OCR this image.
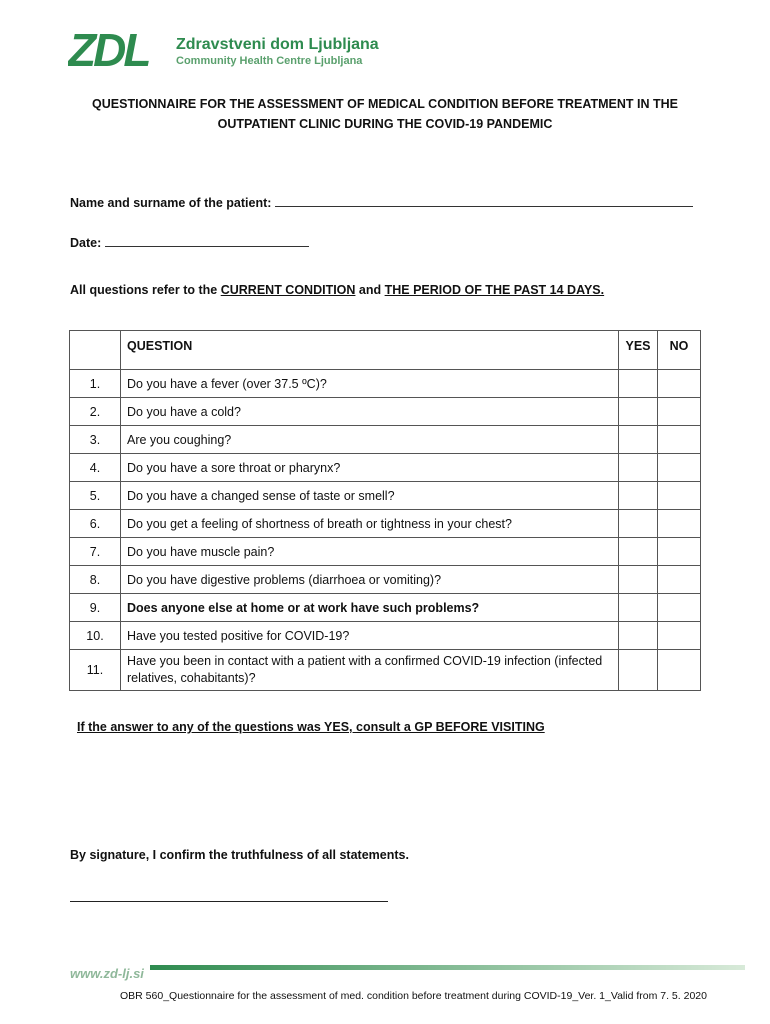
ZDL Zdravstveni dom Ljubljana
Community Health Centre Ljubljana
QUESTIONNAIRE FOR THE ASSESSMENT OF MEDICAL CONDITION BEFORE TREATMENT IN THE
OUTPATIENT CLINIC DURING THE COVID-19 PANDEMIC
Name and surname of the patient:
Date:
All questions refer to the CURRENT CONDITION and THE PERIOD OF THE PAST 14 DAYS.
	QUESTION	YES	NO
1.	Do you have a fever (over 37.5 ºC)?		
2.	Do you have a cold?		
3.	Are you coughing?		
4.	Do you have a sore throat or pharynx?		
5.	Do you have a changed sense of taste or smell?		
6.	Do you get a feeling of shortness of breath or tightness in your chest?		
7.	Do you have muscle pain?		
8.	Do you have digestive problems (diarrhoea or vomiting)?		
9.	Does anyone else at home or at work have such problems?		
10.	Have you tested positive for COVID-19?		
11.	Have you been in contact with a patient with a confirmed COVID-19 infection (infected relatives, cohabitants)?		
If the answer to any of the questions was YES, consult a GP BEFORE VISITING
By signature, I confirm the truthfulness of all statements.
www.zd-lj.si
OBR 560_Questionnaire for the assessment of med. condition before treatment during COVID-19_Ver. 1_Valid from 7. 5. 2020
